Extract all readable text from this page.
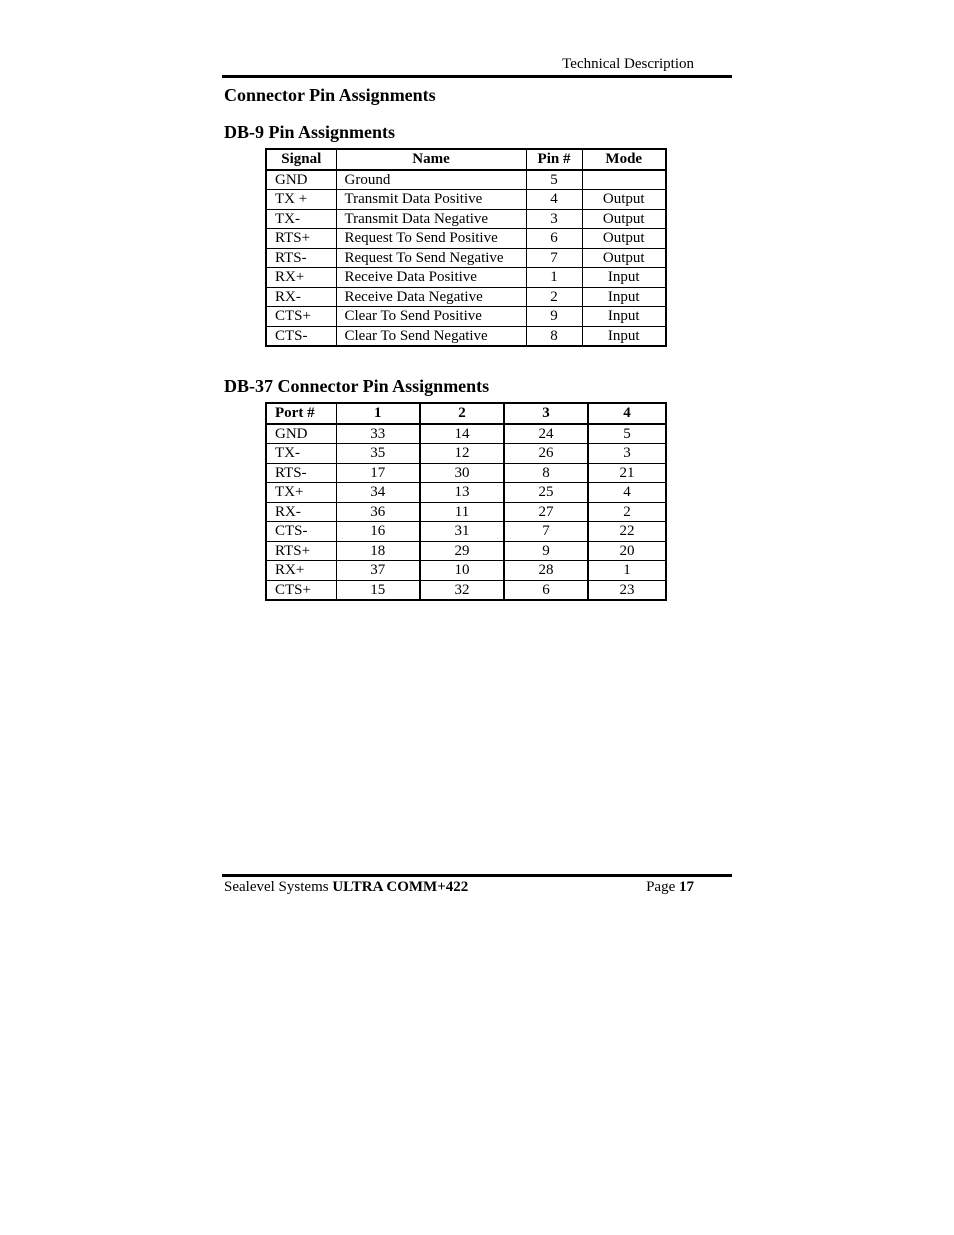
Technical Description
Connector Pin Assignments
DB-9 Pin Assignments
Signal	Name	Pin #	Mode
GND	Ground	5	
TX +	Transmit Data Positive	4	Output
TX-	Transmit Data Negative	3	Output
RTS+	Request To Send Positive	6	Output
RTS-	Request To Send Negative	7	Output
RX+	Receive Data Positive	1	Input
RX-	Receive Data Negative	2	Input
CTS+	Clear To Send Positive	9	Input
CTS-	Clear To Send Negative	8	Input
DB-37 Connector Pin Assignments
Port #	1	2	3	4
GND	33	14	24	5
TX-	35	12	26	3
RTS-	17	30	8	21
TX+	34	13	25	4
RX-	36	11	27	2
CTS-	16	31	7	22
RTS+	18	29	9	20
RX+	37	10	28	1
CTS+	15	32	6	23
Sealevel Systems ULTRA COMM+422	Page 17
